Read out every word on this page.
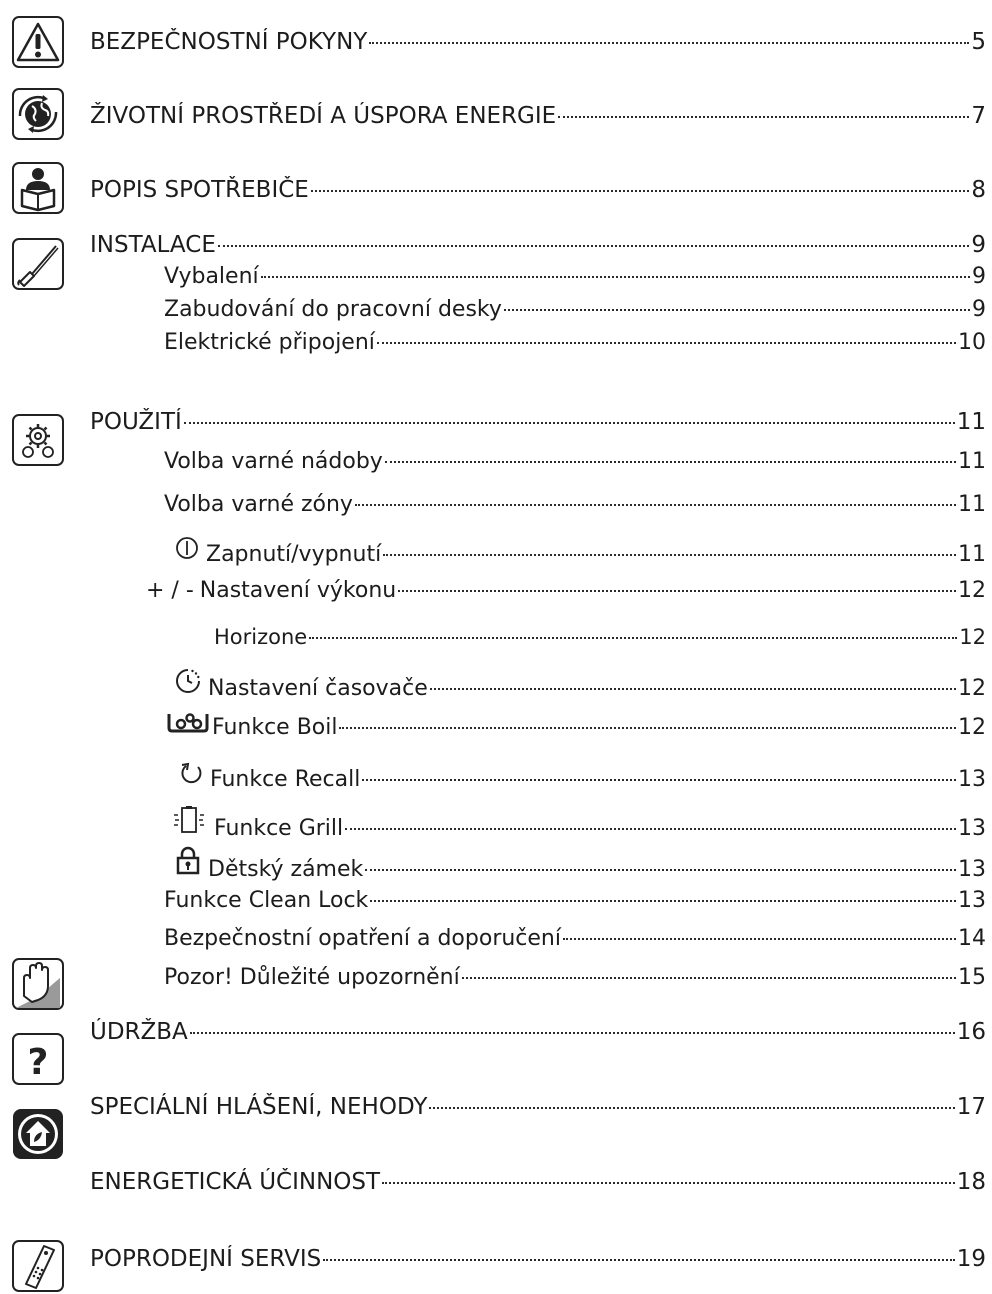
?
BEZPEČNOSTNÍ POKYNY	5
ŽIVOTNÍ PROSTŘEDÍ A ÚSPORA ENERGIE	7
POPIS SPOTŘEBIČE	8
INSTALACE	9
Vybalení	9
Zabudování do pracovní desky	9
Elektrické připojení	10
POUŽITÍ	11
Volba varné nádoby	11
Volba varné zóny	11
Zapnutí/vypnutí	11
+ / - Nastavení výkonu	12
Horizone	12
Nastavení časovače	12
Funkce Boil	12
Funkce Recall	13
Funkce Grill	13
Dětský zámek	13
Funkce Clean Lock	13
Bezpečnostní opatření a doporučení	14
Pozor! Důležité upozornění	15
ÚDRŽBA	16
SPECIÁLNÍ HLÁŠENÍ, NEHODY	17
ENERGETICKÁ ÚČINNOST	18
POPRODEJNÍ SERVIS	19
